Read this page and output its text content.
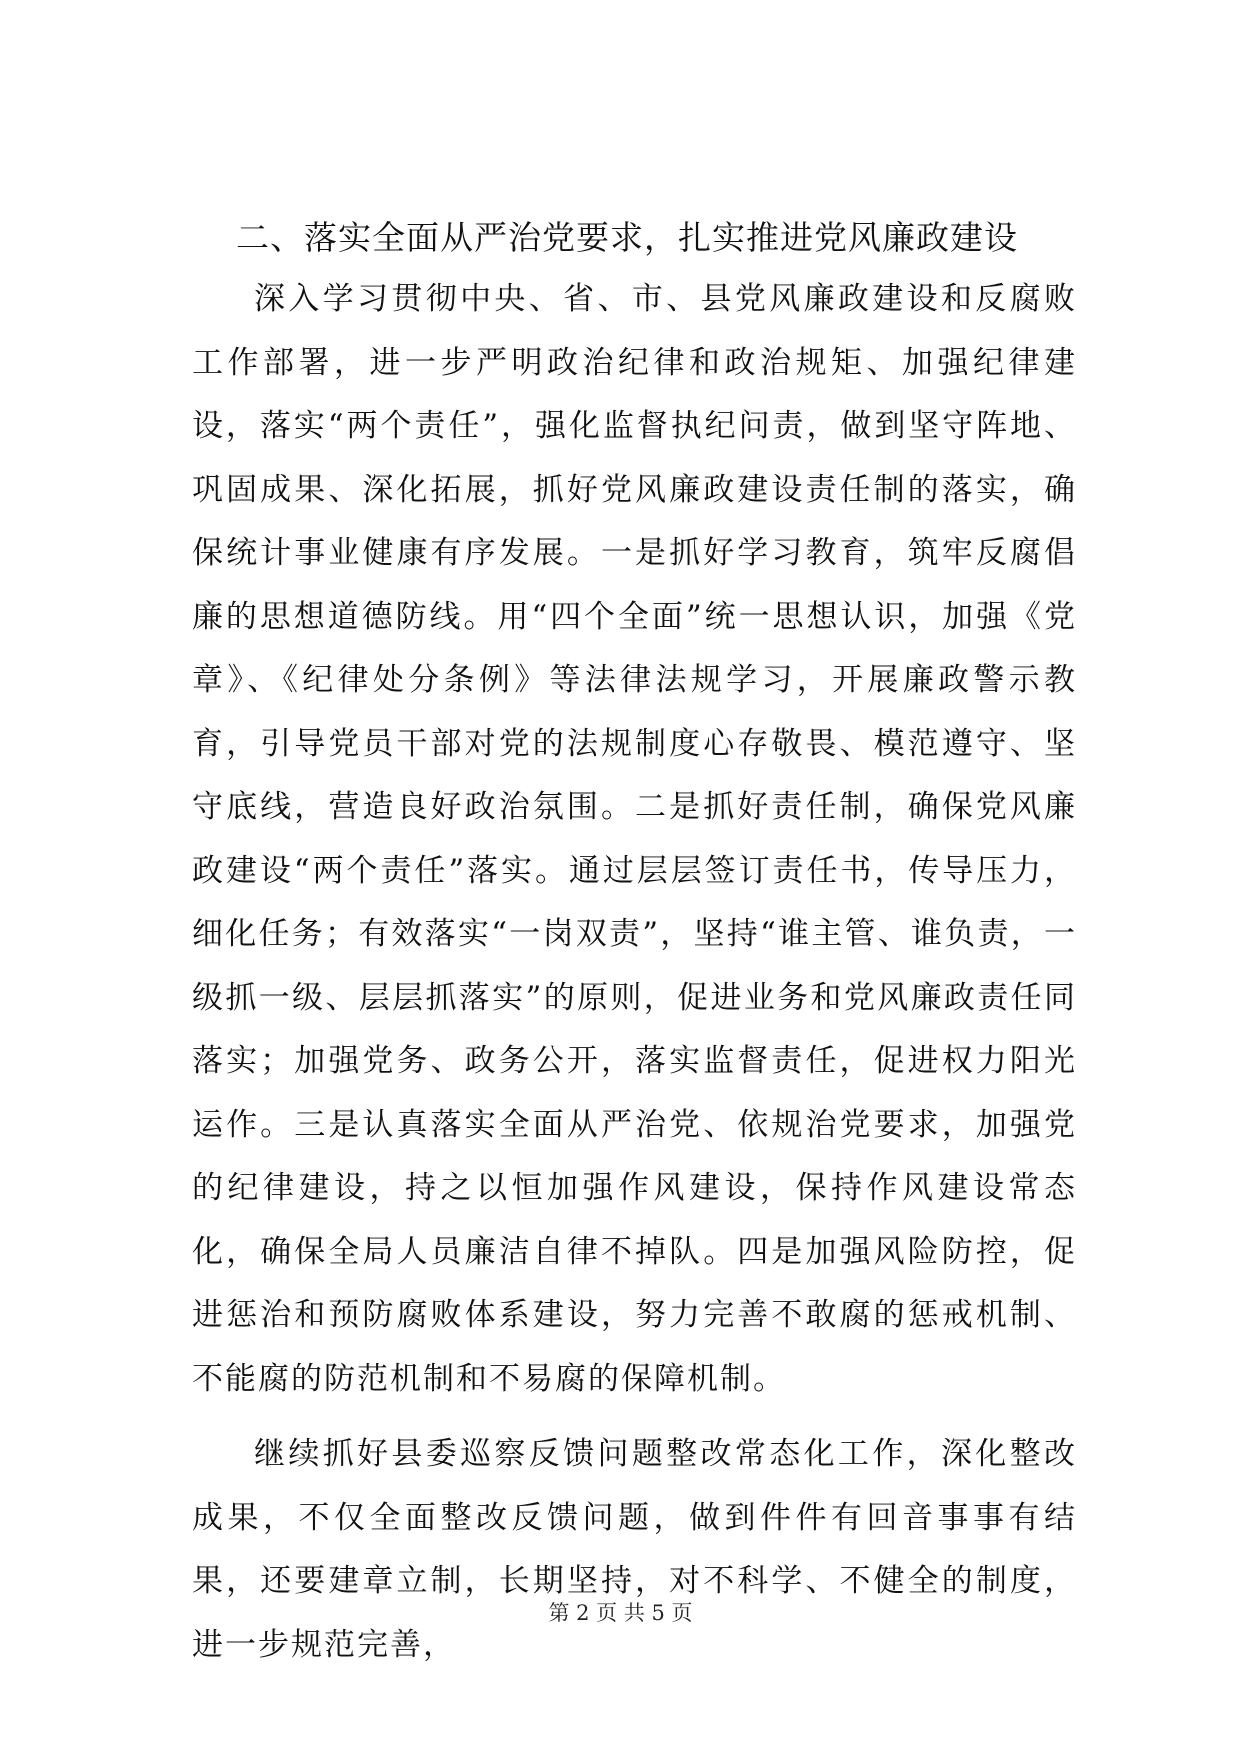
二、落实全面从严治党要求，扎实推进党风廉政建设

深入学习贯彻中央、省、市、县党风廉政建设和反腐败工作部署，进一步严明政治纪律和政治规矩、加强纪律建设，落实“两个责任”，强化监督执纪问责，做到坚守阵地、巩固成果、深化拓展，抓好党风廉政建设责任制的落实，确保统计事业健康有序发展。一是抓好学习教育，筑牢反腐倡廉的思想道德防线。用“四个全面”统一思想认识，加强《党章》、《纪律处分条例》等法律法规学习，开展廉政警示教育，引导党员干部对党的法规制度心存敬畏、模范遵守、坚守底线，营造良好政治氛围。二是抓好责任制，确保党风廉政建设“两个责任”落实。通过层层签订责任书，传导压力，细化任务；有效落实“一岗双责”，坚持“谁主管、谁负责，一级抓一级、层层抓落实”的原则，促进业务和党风廉政责任同落实；加强党务、政务公开，落实监督责任，促进权力阳光运作。三是认真落实全面从严治党、依规治党要求，加强党的纪律建设，持之以恒加强作风建设，保持作风建设常态化，确保全局人员廉洁自律不掉队。四是加强风险防控，促进惩治和预防腐败体系建设，努力完善不敢腐的惩戒机制、不能腐的防范机制和不易腐的保障机制。

继续抓好县委巡察反馈问题整改常态化工作，深化整改成果，不仅全面整改反馈问题，做到件件有回音事事有结果，还要建章立制，长期坚持，对不科学、不健全的制度，进一步规范完善，

第 2 页 共 5 页
